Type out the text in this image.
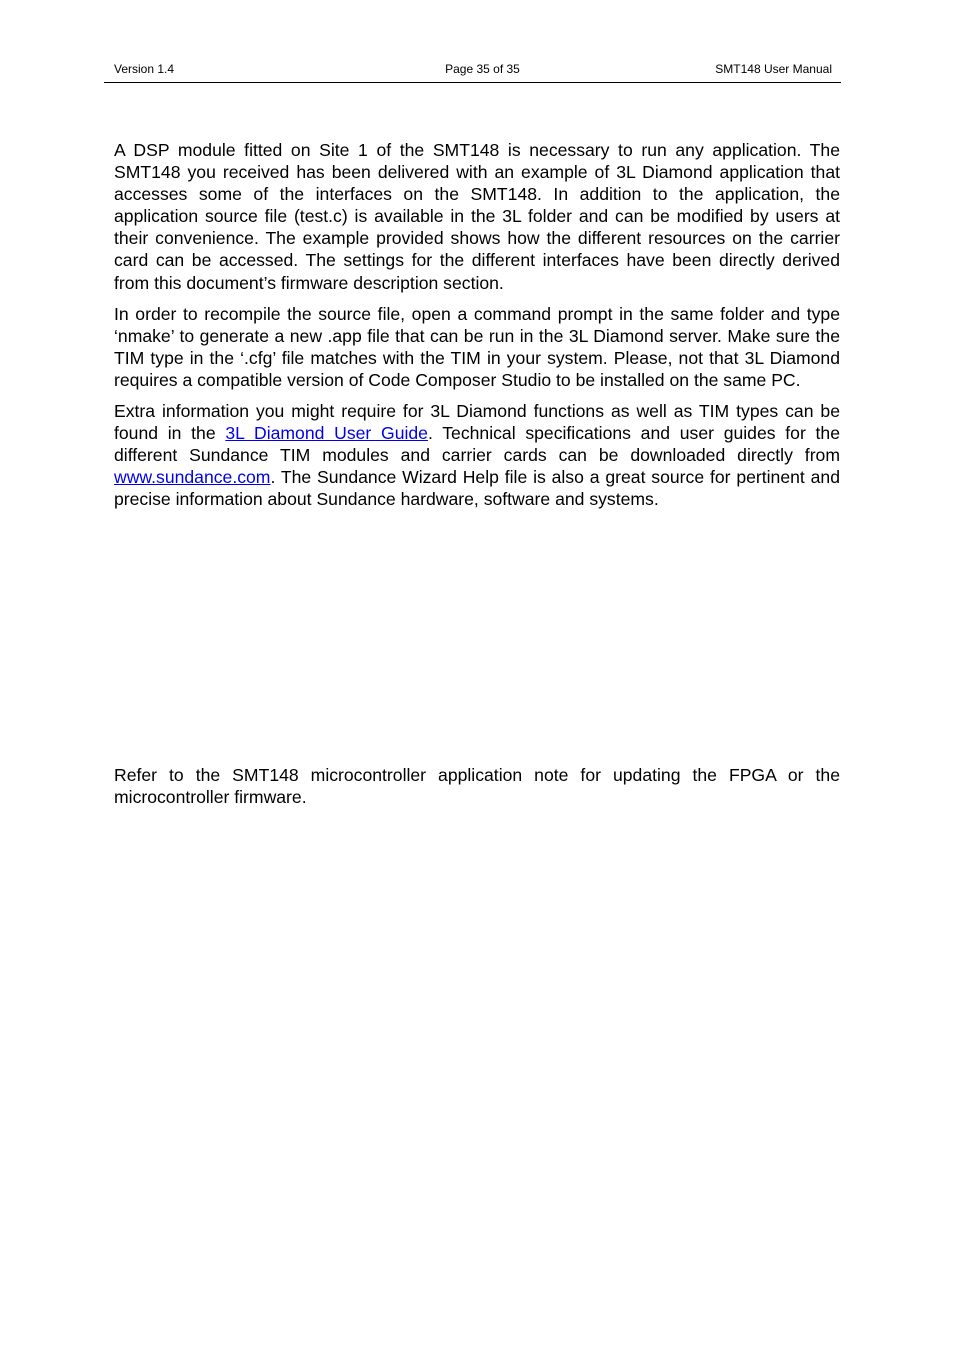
Version 1.4	Page 35 of 35	SMT148 User Manual

A DSP module fitted on Site 1 of the SMT148 is necessary to run any application. The SMT148 you received has been delivered with an example of 3L Diamond application that accesses some of the interfaces on the SMT148. In addition to the application, the application source file (test.c) is available in the 3L folder and can be modified by users at their convenience. The example provided shows how the different resources on the carrier card can be accessed. The settings for the different interfaces have been directly derived from this document’s firmware description section.

In order to recompile the source file, open a command prompt in the same folder and type ‘nmake’ to generate a new .app file that can be run in the 3L Diamond server. Make sure the TIM type in the ‘.cfg’ file matches with the TIM in your system. Please, not that 3L Diamond requires a compatible version of Code Composer Studio to be installed on the same PC.

Extra information you might require for 3L Diamond functions as well as TIM types can be found in the 3L Diamond User Guide. Technical specifications and user guides for the different Sundance TIM modules and carrier cards can be downloaded directly from www.sundance.com. The Sundance Wizard Help file is also a great source for pertinent and precise information about Sundance hardware, software and systems.

Refer to the SMT148 microcontroller application note for updating the FPGA or the microcontroller firmware.
